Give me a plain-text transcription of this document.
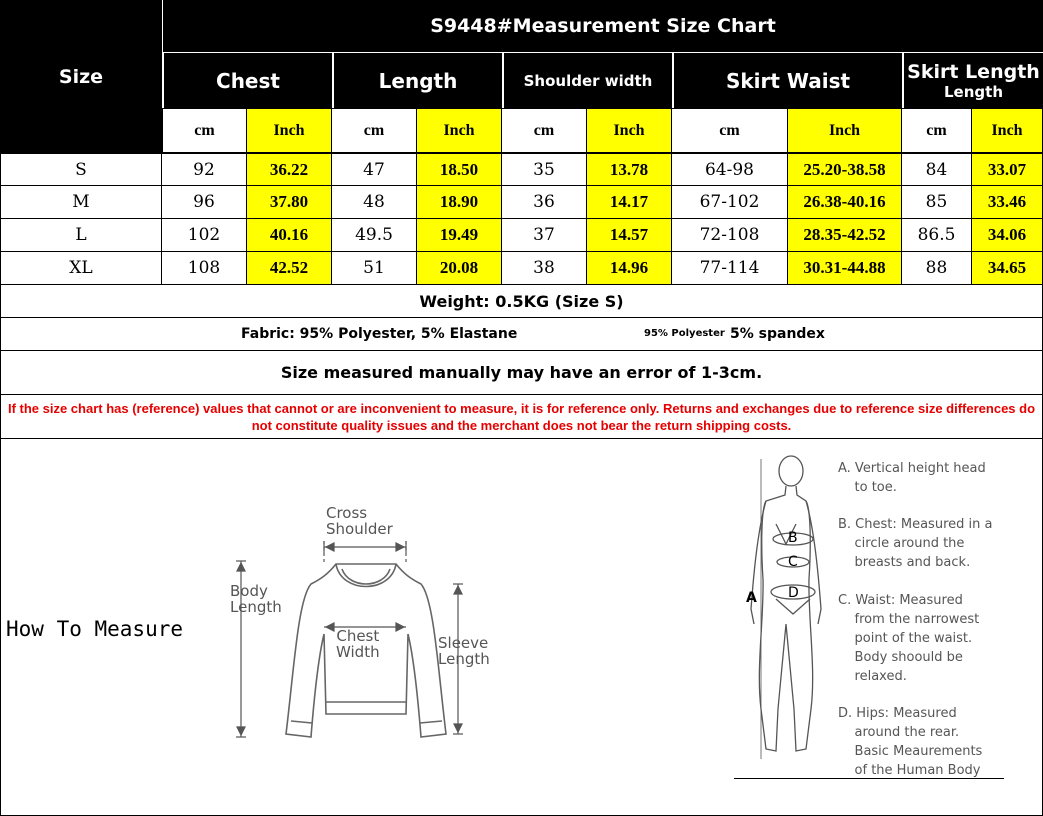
S9448#Measurement Size Chart
Size	Chest	Length	Shoulder width	Skirt Waist	Skirt Length
Length
cm	Inch	cm	Inch	cm	Inch	cm	Inch	cm	Inch
S	92	36.22	47	18.50	35	13.78	64-98	25.20-38.58	84	33.07
M	96	37.80	48	18.90	36	14.17	67-102	26.38-40.16	85	33.46
L	102	40.16	49.5	19.49	37	14.57	72-108	28.35-42.52	86.5	34.06
XL	108	42.52	51	20.08	38	14.96	77-114	30.31-44.88	88	34.65
Weight: 0.5KG (Size S)
Fabric: 95% Polyester, 5% Elastane	95% Polyester 5% spandex
Size measured manually may have an error of 1-3cm.
If the size chart has (reference) values that cannot or are inconvenient to measure, it is for reference only. Returns and exchanges due to reference size differences do not constitute quality issues and the merchant does not bear the return shipping costs.
How To Measure
Cross
Shoulder
Body
Length
Chest
Width	Sleeve
Length
A
B
C
D
A. Vertical height head
to toe.
B. Chest: Measured in a
circle around the
breasts and back.
C. Waist: Measured
from the narrowest
point of the waist.
Body shoould be
relaxed.
D. Hips: Measured
around the rear.
Basic Meaurements
of the Human Body
